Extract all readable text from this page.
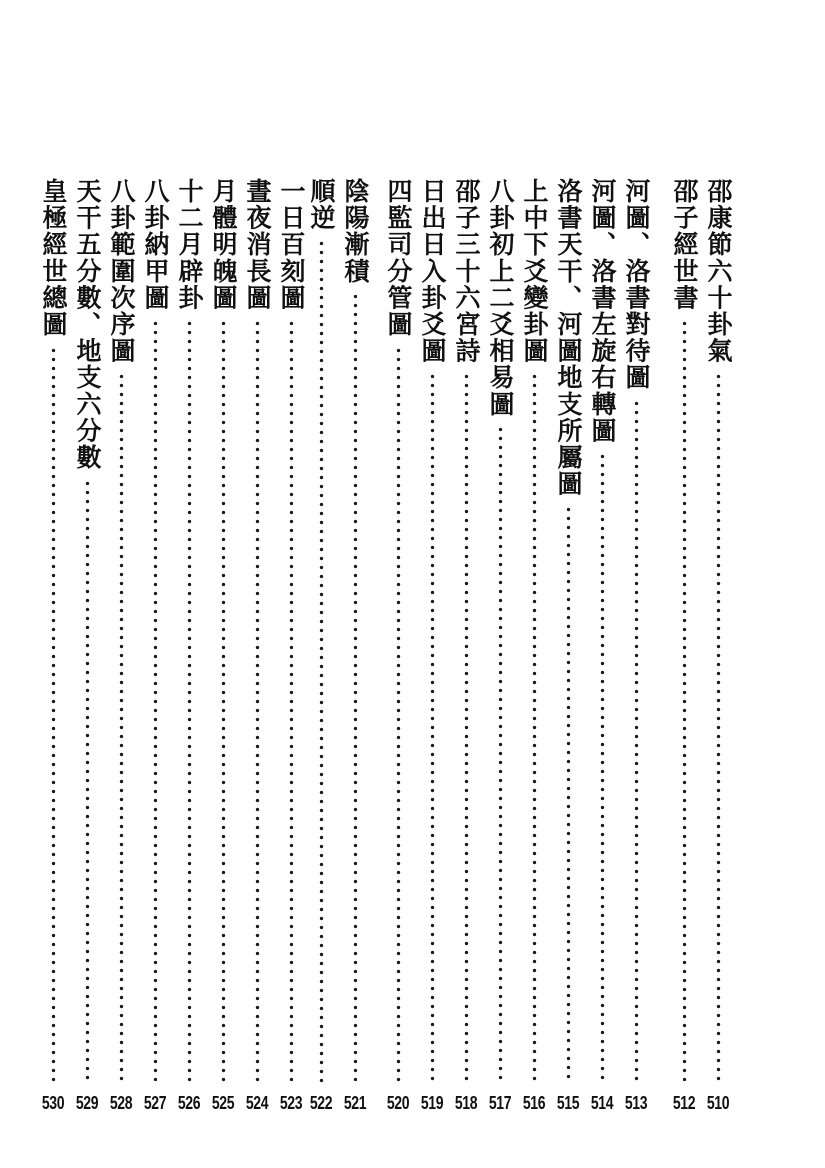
邵康節六十卦氣
510
邵子經世書
512
河圖、洛書對待圖
513
河圖、洛書左旋右轉圖
514
洛書天干、河圖地支所屬圖
515
上中下爻變卦圖
516
八卦初上二爻相易圖
517
邵子三十六宮詩
518
日出日入卦爻圖
519
四監司分管圖
520
陰陽漸積
521
順逆
522
一日百刻圖
523
晝夜消長圖
524
月體明魄圖
525
十二月辟卦
526
八卦納甲圖
527
八卦範圍次序圖
528
天干五分數、地支六分數
529
皇極經世總圖
530
